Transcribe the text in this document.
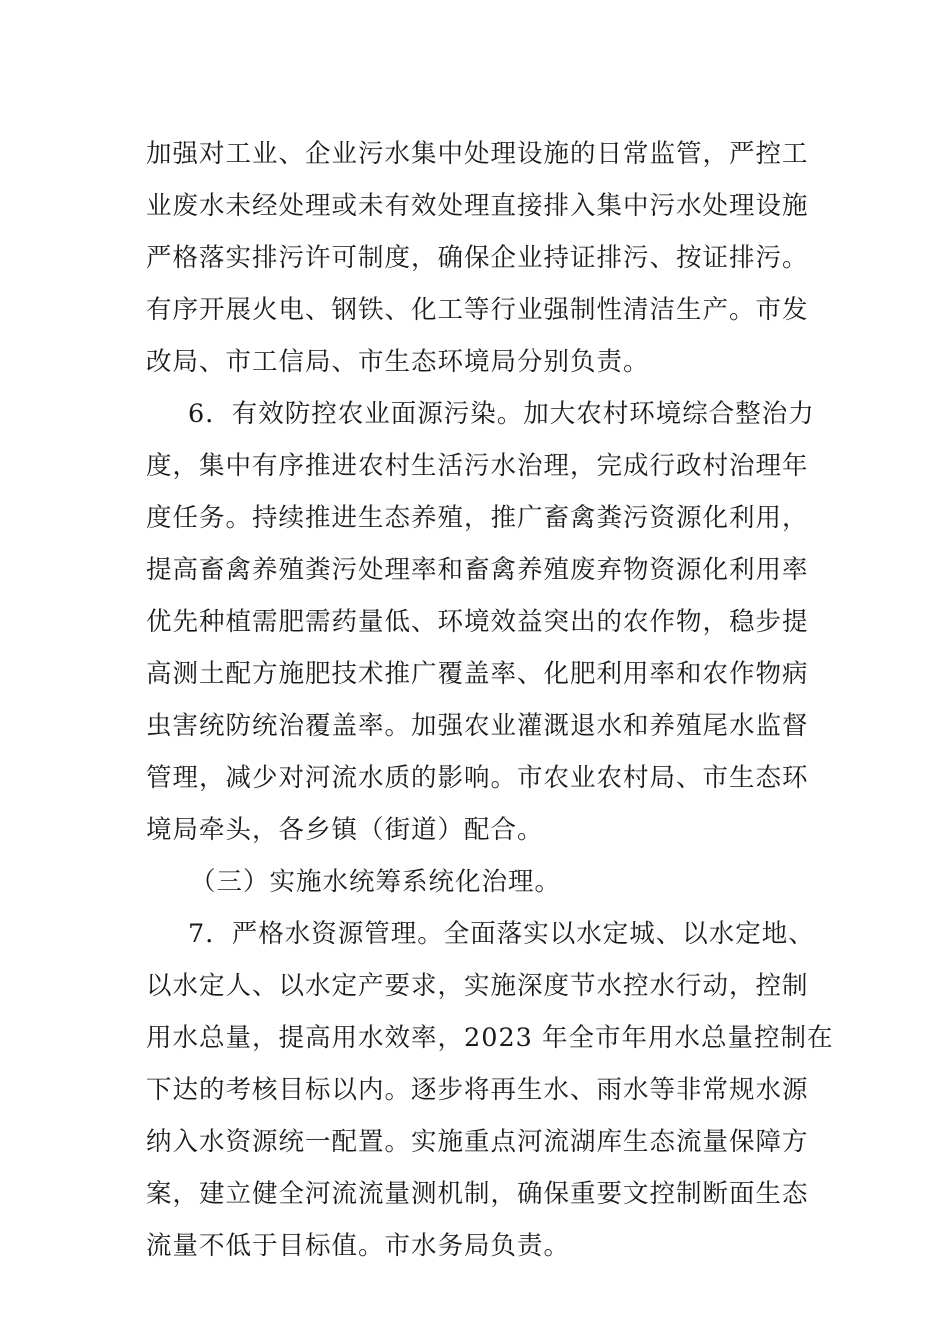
加强对工业、企业污水集中处理设施的日常监管，严控工
业废水未经处理或未有效处理直接排入集中污水处理设施
严格落实排污许可制度，确保企业持证排污、按证排污。
有序开展火电、钢铁、化工等行业强制性清洁生产。市发
改局、市工信局、市生态环境局分别负责。
6．有效防控农业面源污染。加大农村环境综合整治力
度，集中有序推进农村生活污水治理，完成行政村治理年
度任务。持续推进生态养殖，推广畜禽粪污资源化利用，
提高畜禽养殖粪污处理率和畜禽养殖废弃物资源化利用率
优先种植需肥需药量低、环境效益突出的农作物，稳步提
高测土配方施肥技术推广覆盖率、化肥利用率和农作物病
虫害统防统治覆盖率。加强农业灌溉退水和养殖尾水监督
管理，减少对河流水质的影响。市农业农村局、市生态环
境局牵头，各乡镇（街道）配合。
（三）实施水统筹系统化治理。
7．严格水资源管理。全面落实以水定城、以水定地、
以水定人、以水定产要求，实施深度节水控水行动，控制
用水总量，提高用水效率，2023 年全市年用水总量控制在
下达的考核目标以内。逐步将再生水、雨水等非常规水源
纳入水资源统一配置。实施重点河流湖库生态流量保障方
案，建立健全河流流量测机制，确保重要文控制断面生态
流量不低于目标值。市水务局负责。
